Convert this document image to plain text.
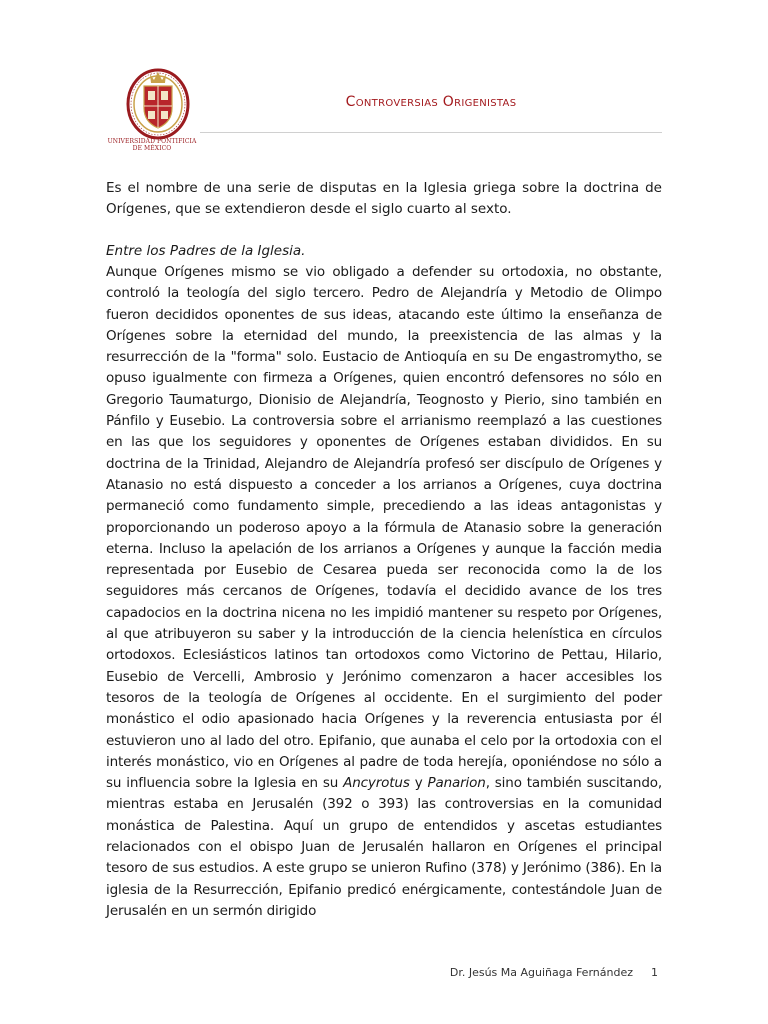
UNIVERSIDAD PONTIFICIA
DE MÉXICO
Controversias Origenistas

Es el nombre de una serie de disputas en la Iglesia griega sobre la doctrina de Orígenes, que se extendieron desde el siglo cuarto al sexto.

Entre los Padres de la Iglesia.

Aunque Orígenes mismo se vio obligado a defender su ortodoxia, no obstante, controló la teología del siglo tercero. Pedro de Alejandría y Metodio de Olimpo fueron decididos oponentes de sus ideas, atacando este último la enseñanza de Orígenes sobre la eternidad del mundo, la preexistencia de las almas y la resurrección de la "forma" solo. Eustacio de Antioquía en su De engastromytho, se opuso igualmente con firmeza a Orígenes, quien encontró defensores no sólo en Gregorio Taumaturgo, Dionisio de Alejandría, Teognosto y Pierio, sino también en Pánfilo y Eusebio. La controversia sobre el arrianismo reemplazó a las cuestiones en las que los seguidores y oponentes de Orígenes estaban divididos. En su doctrina de la Trinidad, Alejandro de Alejandría profesó ser discípulo de Orígenes y Atanasio no está dispuesto a conceder a los arrianos a Orígenes, cuya doctrina permaneció como fundamento simple, precediendo a las ideas antagonistas y proporcionando un poderoso apoyo a la fórmula de Atanasio sobre la generación eterna. Incluso la apelación de los arrianos a Orígenes y aunque la facción media representada por Eusebio de Cesarea pueda ser reconocida como la de los seguidores más cercanos de Orígenes, todavía el decidido avance de los tres capadocios en la doctrina nicena no les impidió mantener su respeto por Orígenes, al que atribuyeron su saber y la introducción de la ciencia helenística en círculos ortodoxos. Eclesiásticos latinos tan ortodoxos como Victorino de Pettau, Hilario, Eusebio de Vercelli, Ambrosio y Jerónimo comenzaron a hacer accesibles los tesoros de la teología de Orígenes al occidente. En el surgimiento del poder monástico el odio apasionado hacia Orígenes y la reverencia entusiasta por él estuvieron uno al lado del otro. Epifanio, que aunaba el celo por la ortodoxia con el interés monástico, vio en Orígenes al padre de toda herejía, oponiéndose no sólo a su influencia sobre la Iglesia en su Ancyrotus y Panarion, sino también suscitando, mientras estaba en Jerusalén (392 o 393) las controversias en la comunidad monástica de Palestina. Aquí un grupo de entendidos y ascetas estudiantes relacionados con el obispo Juan de Jerusalén hallaron en Orígenes el principal tesoro de sus estudios. A este grupo se unieron Rufino (378) y Jerónimo (386). En la iglesia de la Resurrección, Epifanio predicó enérgicamente, contestándole Juan de Jerusalén en un sermón dirigido

Dr. Jesús Ma Aguiñaga Fernández 1
